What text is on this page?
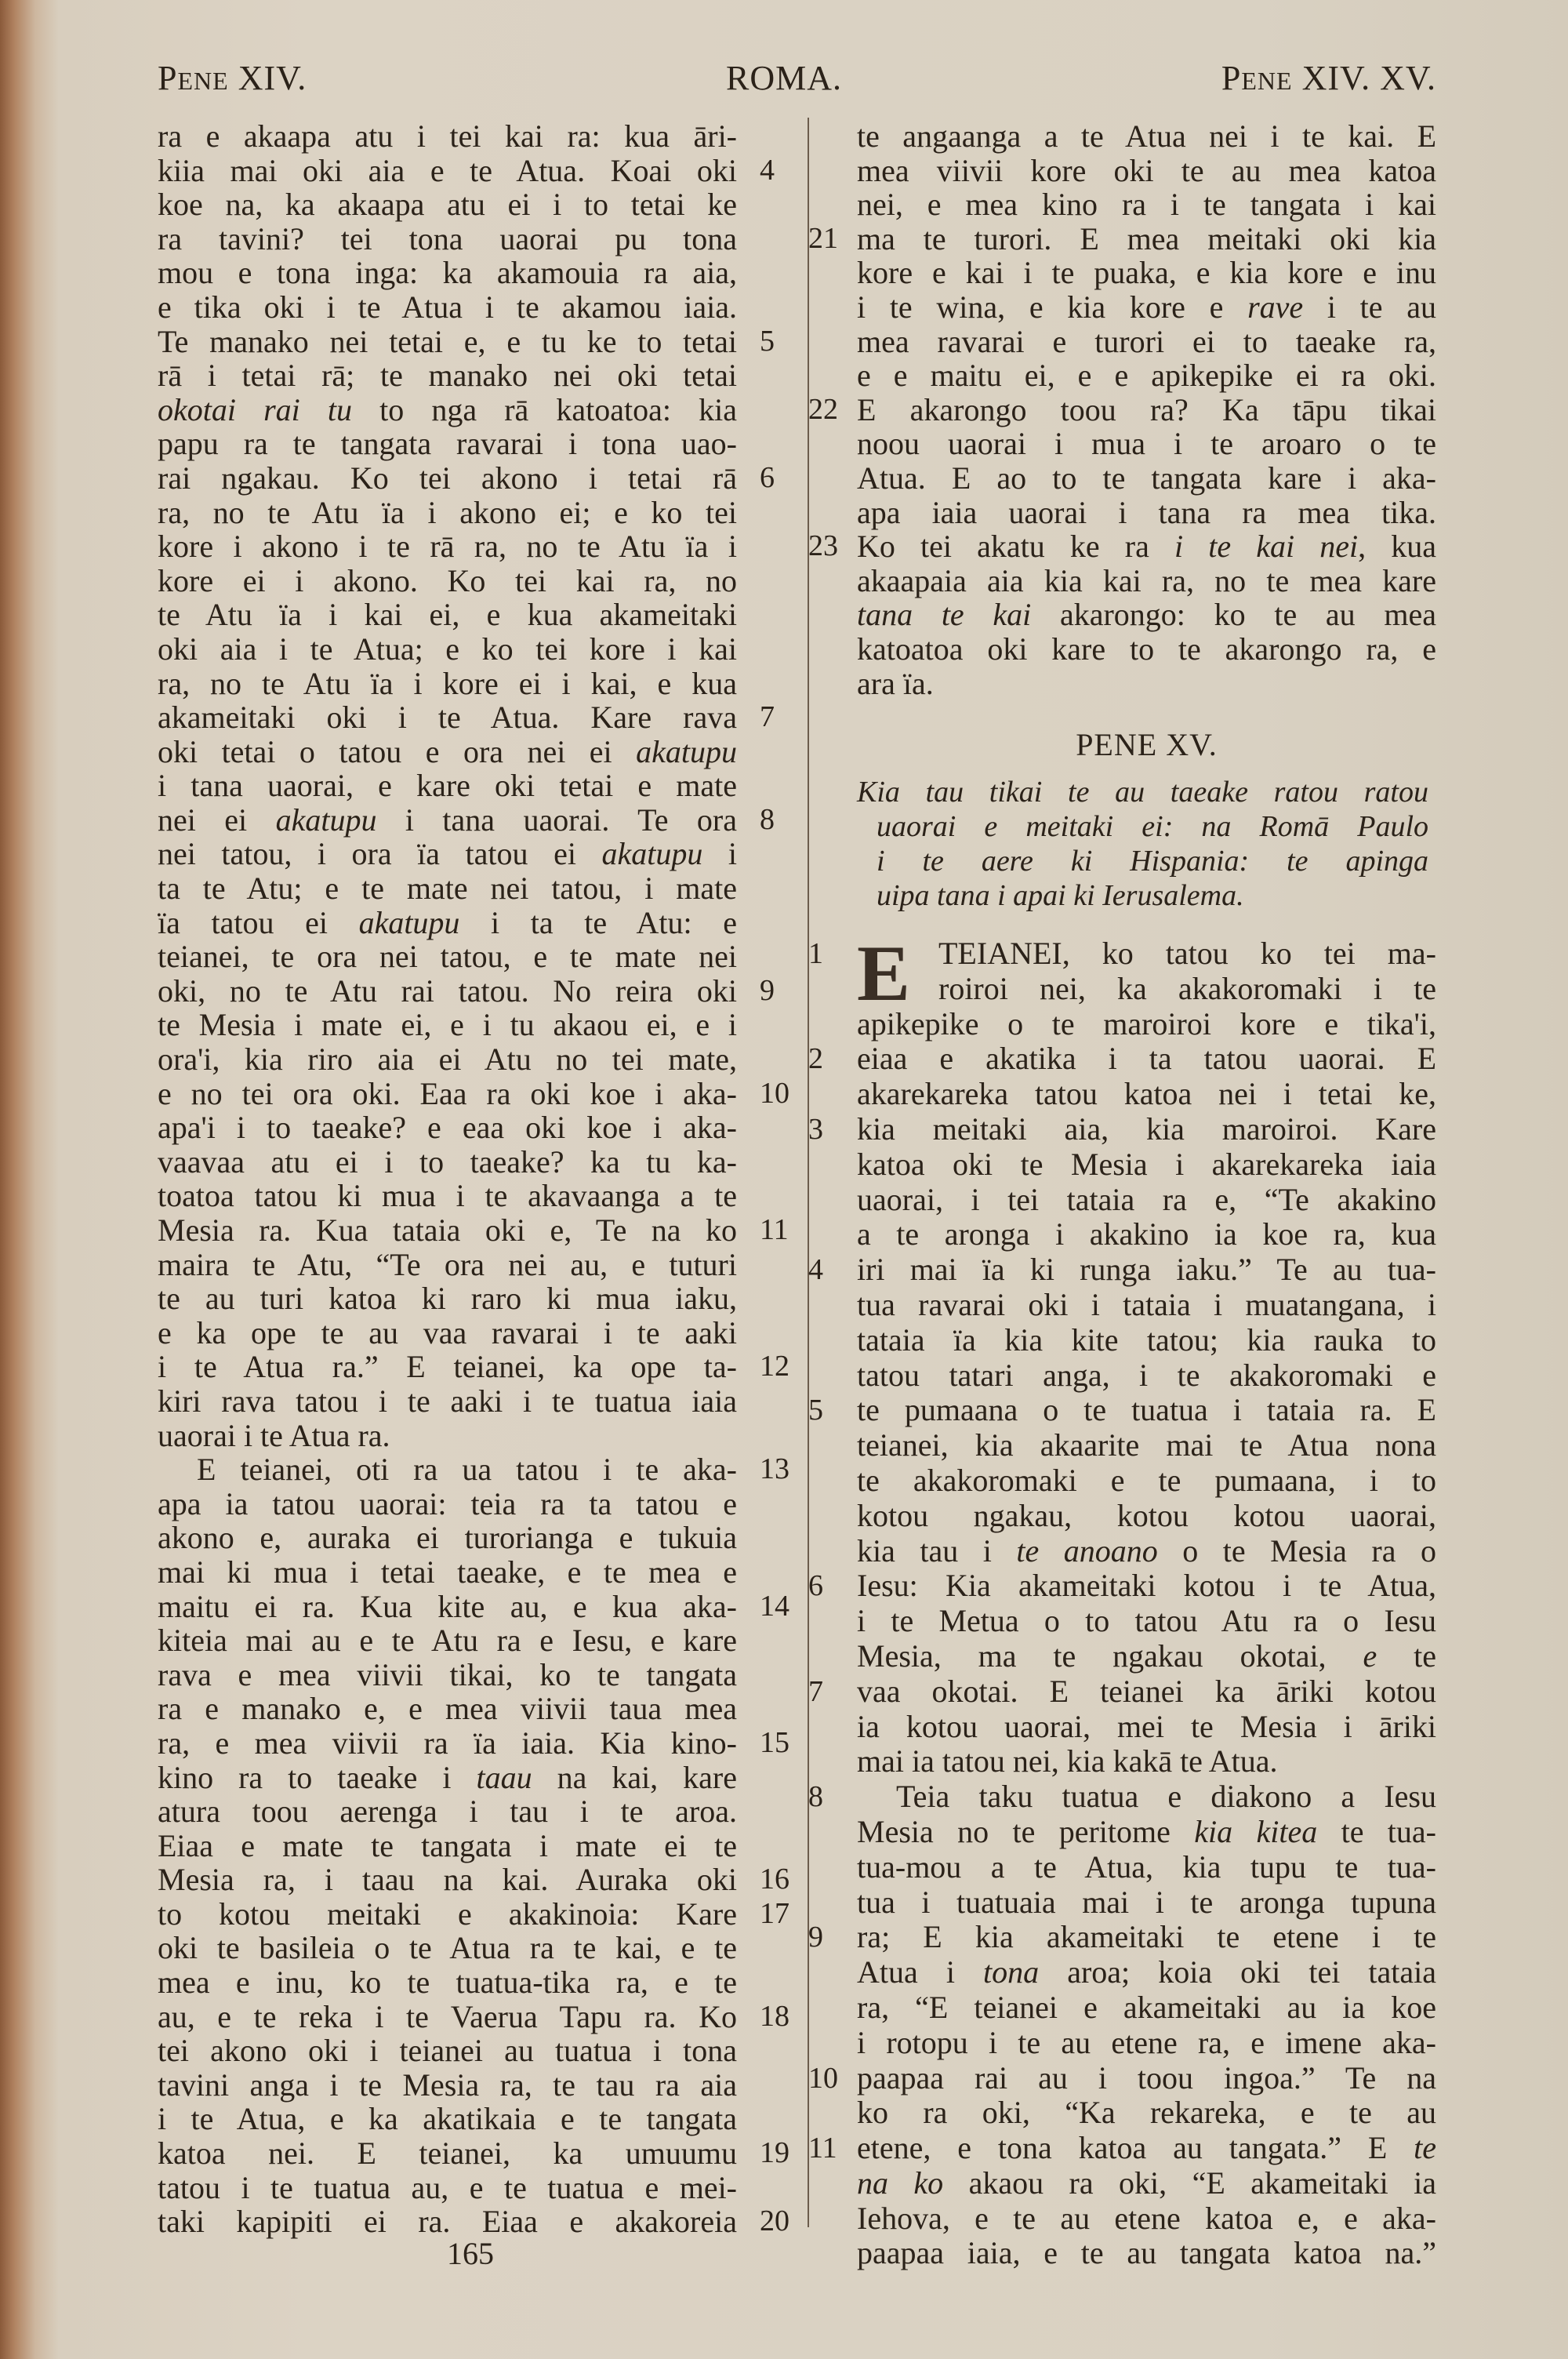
PENE XIV.	ROMA.	PENE XIV. XV.
ra e akaapa atu i tei kai ra: kua āri-
4
kiia mai oki aia e te Atua. Koai oki
koe na, ka akaapa atu ei i to tetai ke
ra tavini? tei tona uaorai pu tona
mou e tona inga: ka akamouia ra aia,
e tika oki i te Atua i te akamou iaia.
5
Te manako nei tetai e, e tu ke to tetai
rā i tetai rā; te manako nei oki tetai
okotai rai tu to nga rā katoatoa: kia
papu ra te tangata ravarai i tona uao-
6
rai ngakau. Ko tei akono i tetai rā
ra, no te Atu ïa i akono ei; e ko tei
kore i akono i te rā ra, no te Atu ïa i
kore ei i akono. Ko tei kai ra, no
te Atu ïa i kai ei, e kua akameitaki
oki aia i te Atua; e ko tei kore i kai
ra, no te Atu ïa i kore ei i kai, e kua
7
akameitaki oki i te Atua. Kare rava
oki tetai o tatou e ora nei ei akatupu
i tana uaorai, e kare oki tetai e mate
8
nei ei akatupu i tana uaorai. Te ora
nei tatou, i ora ïa tatou ei akatupu i
ta te Atu; e te mate nei tatou, i mate
ïa tatou ei akatupu i ta te Atu: e
teianei, te ora nei tatou, e te mate nei
9
oki, no te Atu rai tatou. No reira oki
te Mesia i mate ei, e i tu akaou ei, e i
ora'i, kia riro aia ei Atu no tei mate,
10
e no tei ora oki. Eaa ra oki koe i aka-
apa'i i to taeake? e eaa oki koe i aka-
vaavaa atu ei i to taeake? ka tu ka-
toatoa tatou ki mua i te akavaanga a te
11
Mesia ra. Kua tataia oki e, Te na ko
maira te Atu, “Te ora nei au, e tuturi
te au turi katoa ki raro ki mua iaku,
e ka ope te au vaa ravarai i te aaki
12
i te Atua ra.” E teianei, ka ope ta-
kiri rava tatou i te aaki i te tuatua iaia
uaorai i te Atua ra.
13
E teianei, oti ra ua tatou i te aka-
apa ia tatou uaorai: teia ra ta tatou e
akono e, auraka ei turorianga e tukuia
mai ki mua i tetai taeake, e te mea e
14
maitu ei ra. Kua kite au, e kua aka-
kiteia mai au e te Atu ra e Iesu, e kare
rava e mea viivii tikai, ko te tangata
ra e manako e, e mea viivii taua mea
15
ra, e mea viivii ra ïa iaia. Kia kino-
kino ra to taeake i taau na kai, kare
atura toou aerenga i tau i te aroa.
Eiaa e mate te tangata i mate ei te
16
Mesia ra, i taau na kai. Auraka oki
17
to kotou meitaki e akakinoia: Kare
oki te basileia o te Atua ra te kai, e te
mea e inu, ko te tuatua-tika ra, e te
18
au, e te reka i te Vaerua Tapu ra. Ko
tei akono oki i teianei au tuatua i tona
tavini anga i te Mesia ra, te tau ra aia
i te Atua, e ka akatikaia e te tangata
19
katoa nei. E teianei, ka umuumu
tatou i te tuatua au, e te tuatua e mei-
20
taki kapipiti ei ra. Eiaa e akakoreia
te angaanga a te Atua nei i te kai. E
mea viivii kore oki te au mea katoa
nei, e mea kino ra i te tangata i kai
21 ma te turori. E mea meitaki oki kia
kore e kai i te puaka, e kia kore e inu
i te wina, e kia kore e rave i te au
mea ravarai e turori ei to taeake ra,
e e maitu ei, e e apikepike ei ra oki.
22 E akarongo toou ra? Ka tāpu tikai
noou uaorai i mua i te aroaro o te
Atua. E ao to te tangata kare i aka-
apa iaia uaorai i tana ra mea tika.
23 Ko tei akatu ke ra i te kai nei, kua
akaapaia aia kia kai ra, no te mea kare
tana te kai akarongo: ko te au mea
katoatoa oki kare to te akarongo ra, e
ara ïa.
PENE XV.
Kia tau tikai te au taeake ratou ratou
uaorai e meitaki ei: na Romā Paulo
i te aere ki Hispania: te apinga
uipa tana i apai ki Ierusalema.
E
1	TEIANEI, ko tatou ko tei ma-
roiroi nei, ka akakoromaki i te
apikepike o te maroiroi kore e tika'i,
2	eiaa e akatika i ta tatou uaorai. E
akarekareka tatou katoa nei i tetai ke,
3	kia meitaki aia, kia maroiroi. Kare
katoa oki te Mesia i akarekareka iaia
uaorai, i tei tataia ra e, “Te akakino
a te aronga i akakino ia koe ra, kua
4	iri mai ïa ki runga iaku.” Te au tua-
tua ravarai oki i tataia i muatangana, i
tataia ïa kia kite tatou; kia rauka to
tatou tatari anga, i te akakoromaki e
5	te pumaana o te tuatua i tataia ra. E
teianei, kia akaarite mai te Atua nona
te akakoromaki e te pumaana, i to
kotou ngakau, kotou kotou uaorai,
kia tau i te anoano o te Mesia ra o
6	Iesu: Kia akameitaki kotou i te Atua,
i te Metua o to tatou Atu ra o Iesu
Mesia, ma te ngakau okotai, e te
7	vaa okotai. E teianei ka āriki kotou
ia kotou uaorai, mei te Mesia i āriki
mai ia tatou nei, kia kakā te Atua.
8	Teia taku tuatua e diakono a Iesu
Mesia no te peritome kia kitea te tua-
tua-mou a te Atua, kia tupu te tua-
tua i tuatuaia mai i te aronga tupuna
9	ra; E kia akameitaki te etene i te
Atua i tona aroa; koia oki tei tataia
ra, “E teianei e akameitaki au ia koe
i rotopu i te au etene ra, e imene aka-
10 paapaa rai au i toou ingoa.” Te na
ko ra oki, “Ka rekareka, e te au
11 etene, e tona katoa au tangata.” E te
na ko akaou ra oki, “E akameitaki ia
Iehova, e te au etene katoa e, e aka-
paapaa iaia, e te au tangata katoa na.”
165
